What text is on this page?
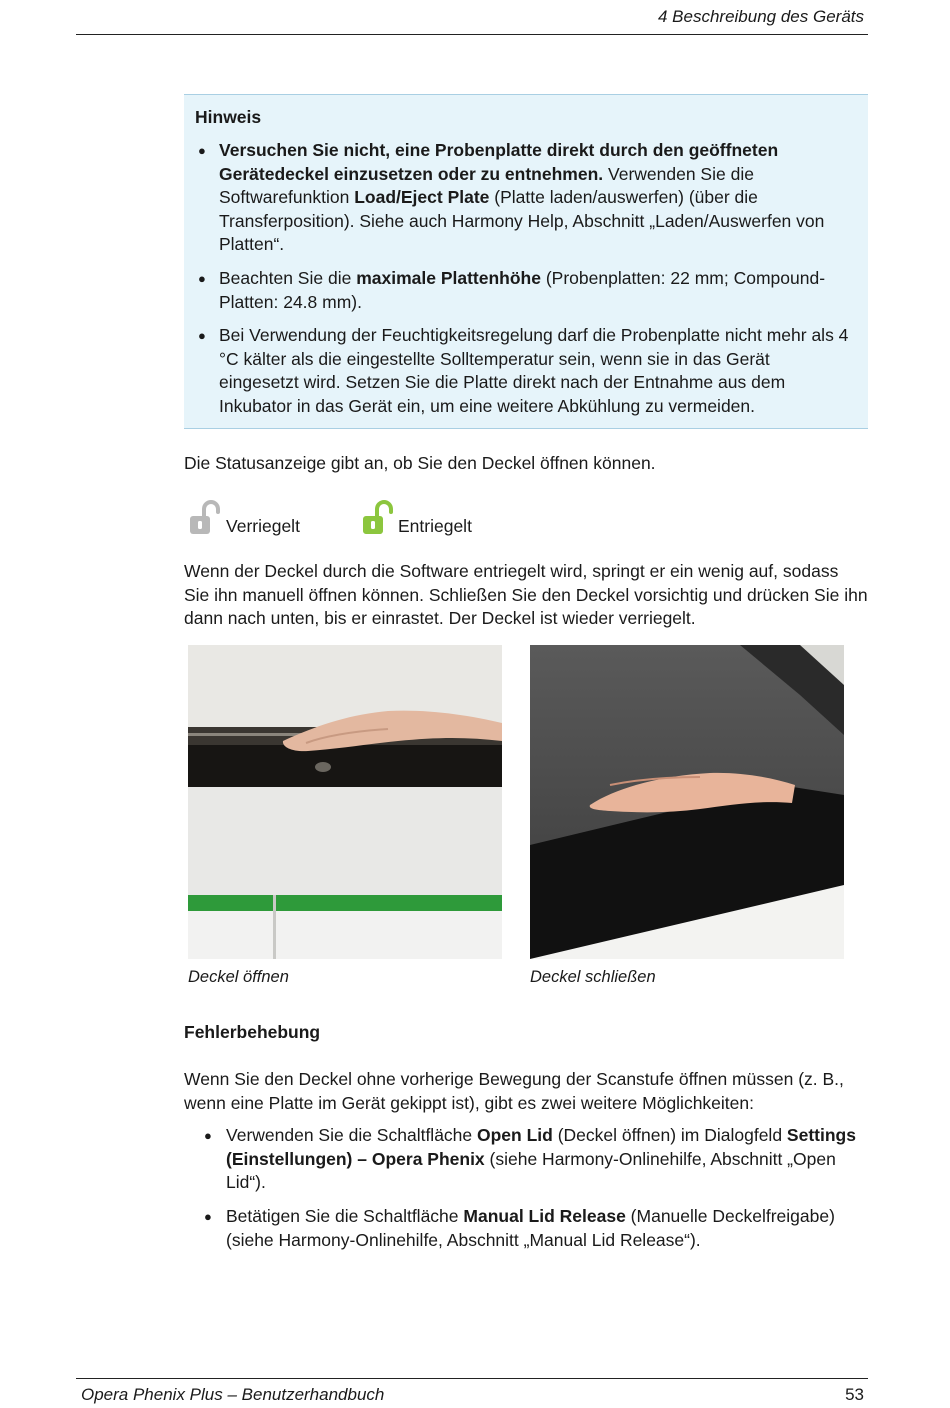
4 Beschreibung des Geräts
Hinweis
● Versuchen Sie nicht, eine Probenplatte direkt durch den geöffneten Gerätedeckel einzusetzen oder zu entnehmen. Verwenden Sie die Softwarefunktion Load/Eject Plate (Platte laden/auswerfen) (über die Transferposition). Siehe auch Harmony Help, Abschnitt „Laden/Auswerfen von Platten“.
● Beachten Sie die maximale Plattenhöhe (Probenplatten: 22 mm; Compound-Platten: 24.8 mm).
● Bei Verwendung der Feuchtigkeitsregelung darf die Probenplatte nicht mehr als 4 °C kälter als die eingestellte Solltemperatur sein, wenn sie in das Gerät eingesetzt wird. Setzen Sie die Platte direkt nach der Entnahme aus dem Inkubator in das Gerät ein, um eine weitere Abkühlung zu vermeiden.
Die Statusanzeige gibt an, ob Sie den Deckel öffnen können.
Verriegelt	Entriegelt
Wenn der Deckel durch die Software entriegelt wird, springt er ein wenig auf, sodass Sie ihn manuell öffnen können. Schließen Sie den Deckel vorsichtig und drücken Sie ihn dann nach unten, bis er einrastet. Der Deckel ist wieder verriegelt.
Deckel öffnen	Deckel schließen
Fehlerbehebung
Wenn Sie den Deckel ohne vorherige Bewegung der Scanstufe öffnen müssen (z. B., wenn eine Platte im Gerät gekippt ist), gibt es zwei weitere Möglichkeiten:
● Verwenden Sie die Schaltfläche Open Lid (Deckel öffnen) im Dialogfeld Settings (Einstellungen) – Opera Phenix (siehe Harmony-Onlinehilfe, Abschnitt „Open Lid“).
● Betätigen Sie die Schaltfläche Manual Lid Release (Manuelle Deckelfreigabe) (siehe Harmony-Onlinehilfe, Abschnitt „Manual Lid Release“).
Opera Phenix Plus – Benutzerhandbuch	53
